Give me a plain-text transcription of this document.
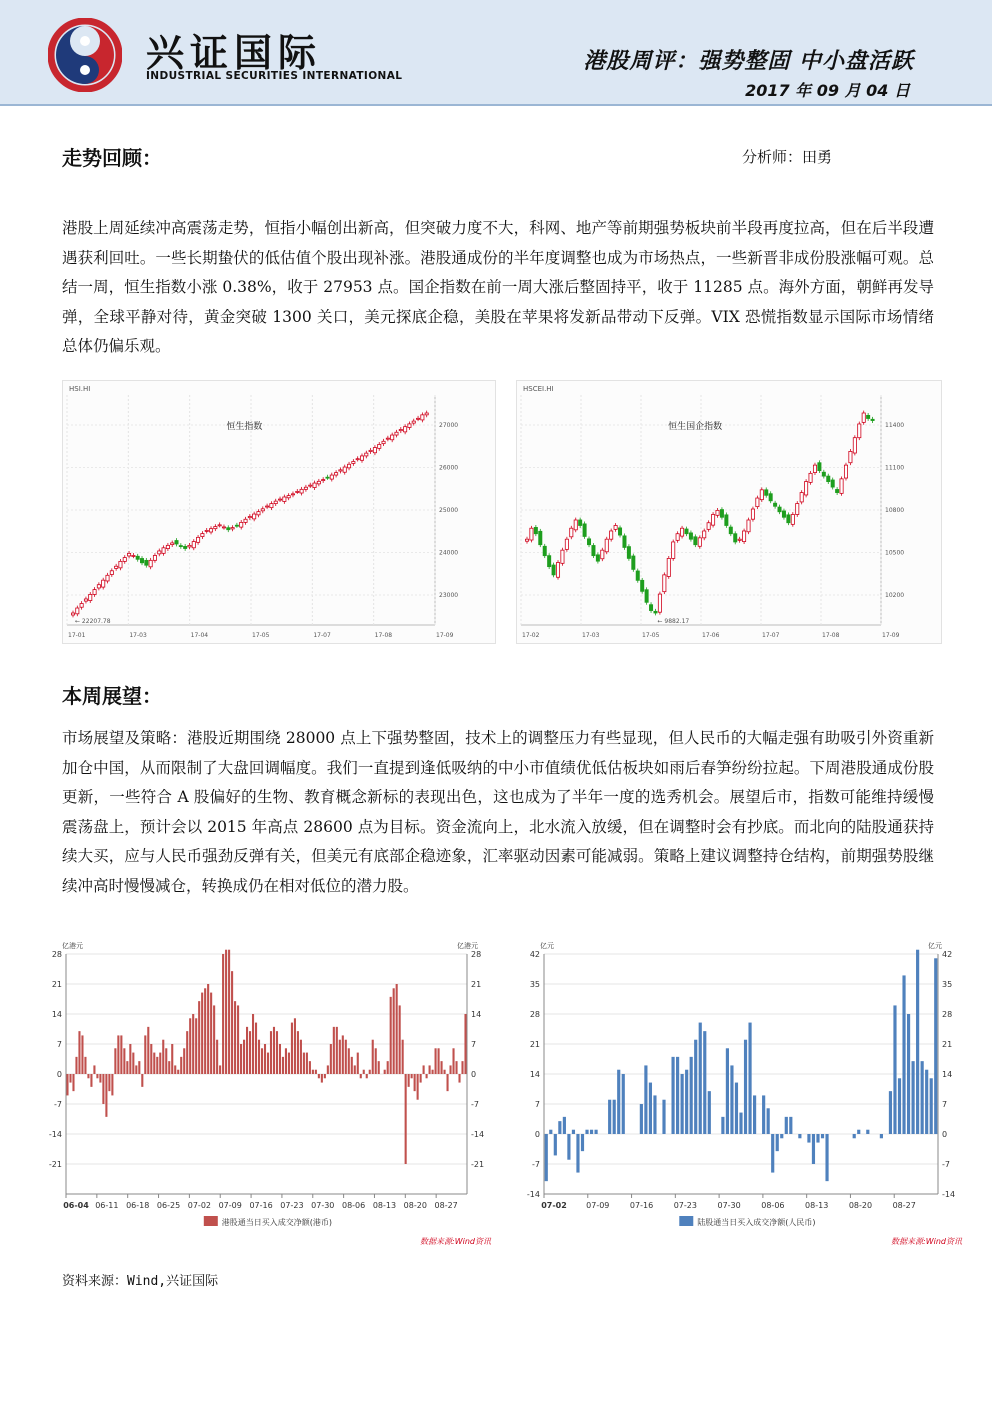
兴证国际
INDUSTRIAL SECURITIES INTERNATIONAL
港股周评：强势整固 中小盘活跃
2017 年 09 月 04 日
走势回顾：	分析师：田勇
港股上周延续冲高震荡走势，恒指小幅创出新高，但突破力度不大，科网、地产等前期强势板块前半段再度拉高，但在后半段遭遇获利回吐。一些长期蛰伏的低估值个股出现补涨。港股通成份的半年度调整也成为市场热点，一些新晋非成份股涨幅可观。总结一周，恒生指数小涨 0.38%，收于 27953 点。国企指数在前一周大涨后整固持平，收于 11285 点。海外方面，朝鲜再发导弹，全球平静对待，黄金突破 1300 关口，美元探底企稳，美股在苹果将发新品带动下反弹。VIX 恐慌指数显示国际市场情绪总体仍偏乐观。
HSI.HI
17-01	17-03	17-04	17-05	17-07	17-08	17-09
27000
26000
25000
24000
23000
← 22207.78
恒生指数
HSCEI.HI
17-02	17-03	17-05	17-06	17-07	17-08	17-09
11400
11100
10800
10500
10200
← 9882.17
恒生国企指数
本周展望：
市场展望及策略：港股近期围绕 28000 点上下强势整固，技术上的调整压力有些显现，但人民币的大幅走强有助吸引外资重新加仓中国，从而限制了大盘回调幅度。我们一直提到逢低吸纳的中小市值绩优低估板块如雨后春笋纷纷拉起。下周港股通成份股更新，一些符合 A 股偏好的生物、教育概念新标的表现出色，这也成为了半年一度的选秀机会。展望后市，指数可能维持缓慢震荡盘上，预计会以 2015 年高点 28600 点为目标。资金流向上，北水流入放缓，但在调整时会有抄底。而北向的陆股通获持续大买，应与人民币强劲反弹有关，但美元有底部企稳迹象，汇率驱动因素可能减弱。策略上建议调整持仓结构，前期强势股继续冲高时慢慢减仓，转换成仍在相对低位的潜力股。
亿港元	亿港元
28	28
21	21
14	14
7	7
0	0
-7	-7
-14	-14
-21	-21
06-04 06-11 06-18 06-25 07-02 07-09 07-16 07-23 07-30 08-06 08-13 08-20 08-27
港股通当日买入成交净额(港币)
数据来源:Wind资讯
亿元	亿元
42	42
35	35
28	28
21	21
14	14
7	7
0	0
-7	-7
-14	-14
07-02 07-09	07-16	07-23	07-30	08-06	08-13	08-20	08-27
陆股通当日买入成交净额(人民币)
数据来源:Wind资讯
资料来源：Wind,兴证国际
